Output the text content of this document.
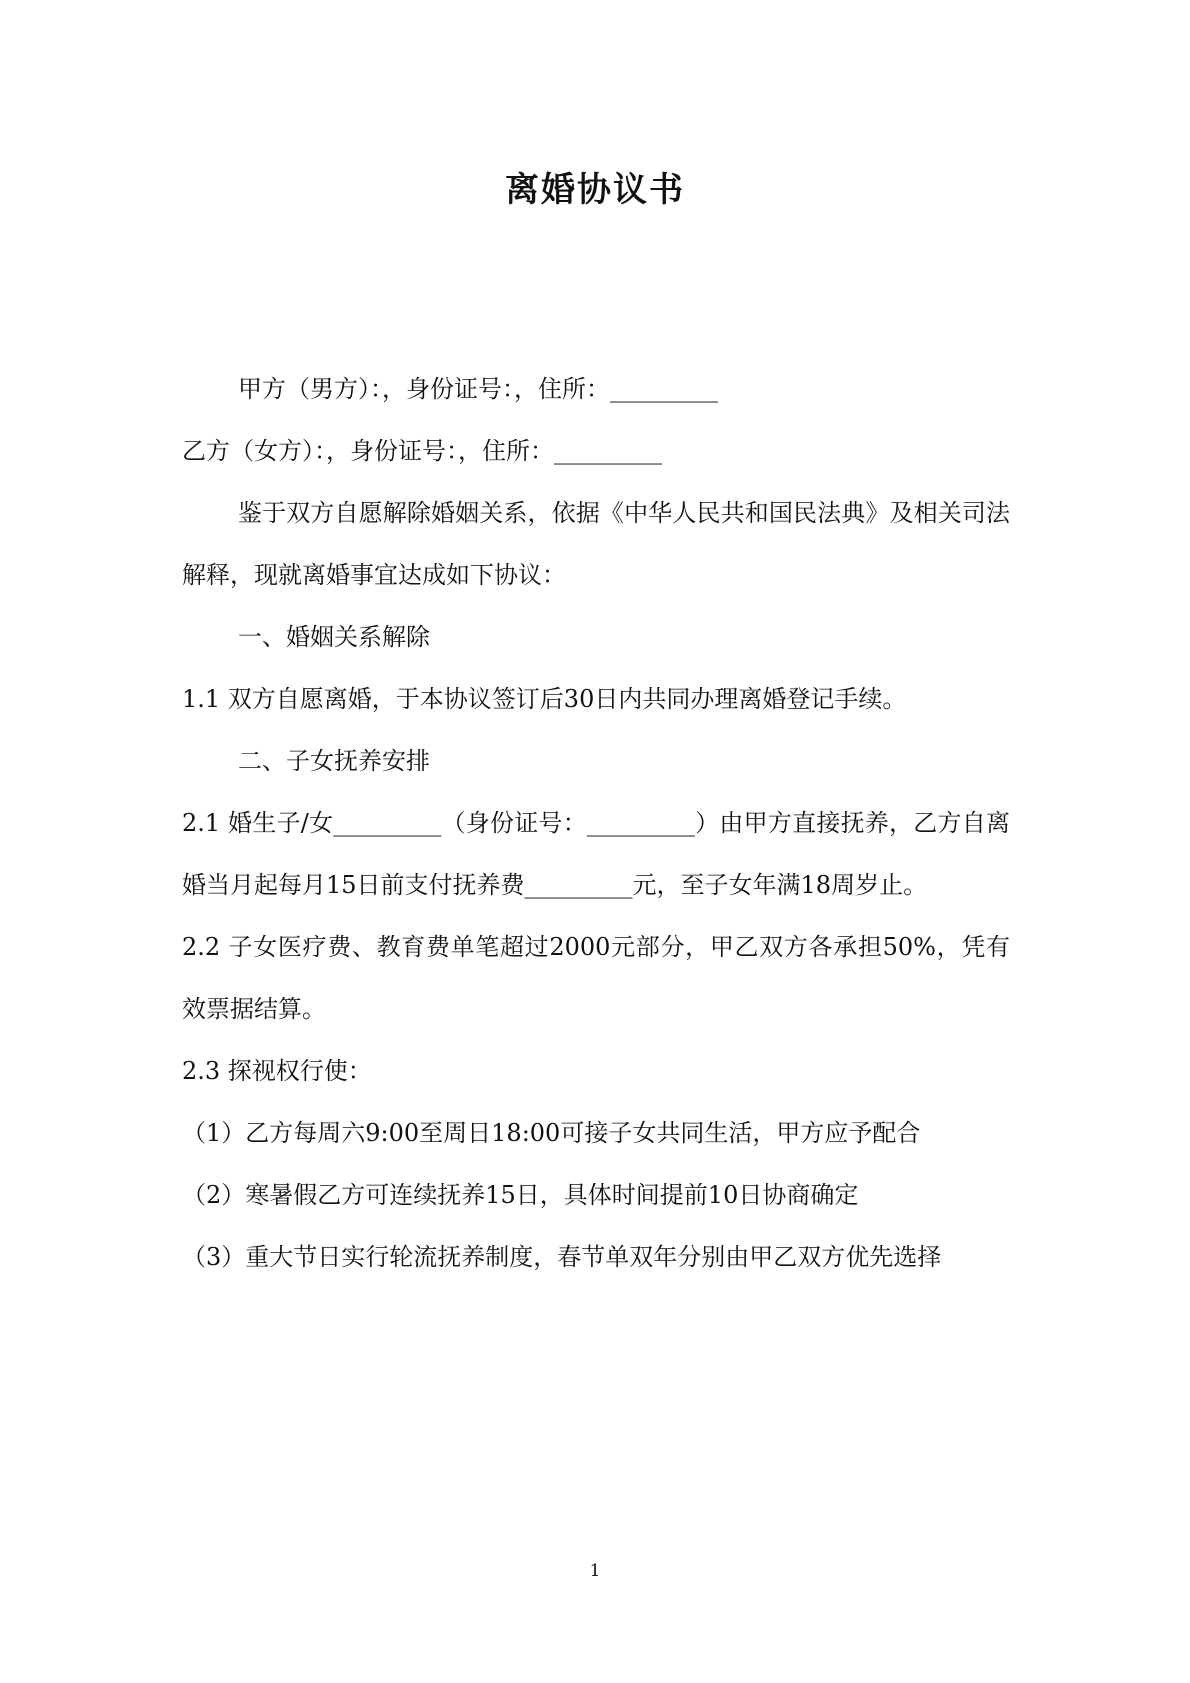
离婚协议书

甲方（男方）：，身份证号：，住所：_________

乙方（女方）：，身份证号：，住所：_________

鉴于双方自愿解除婚姻关系，依据《中华人民共和国民法典》及相关司法解释，现就离婚事宜达成如下协议：

一、婚姻关系解除

1.1 双方自愿离婚，于本协议签订后30日内共同办理离婚登记手续。

二、子女抚养安排

2.1 婚生子/女_________（身份证号：_________）由甲方直接抚养，乙方自离婚当月起每月15日前支付抚养费_________元，至子女年满18周岁止。

2.2 子女医疗费、教育费单笔超过2000元部分，甲乙双方各承担50%，凭有效票据结算。

2.3 探视权行使：

（1）乙方每周六9:00至周日18:00可接子女共同生活，甲方应予配合

（2）寒暑假乙方可连续抚养15日，具体时间提前10日协商确定

（3）重大节日实行轮流抚养制度，春节单双年分别由甲乙双方优先选择

1
